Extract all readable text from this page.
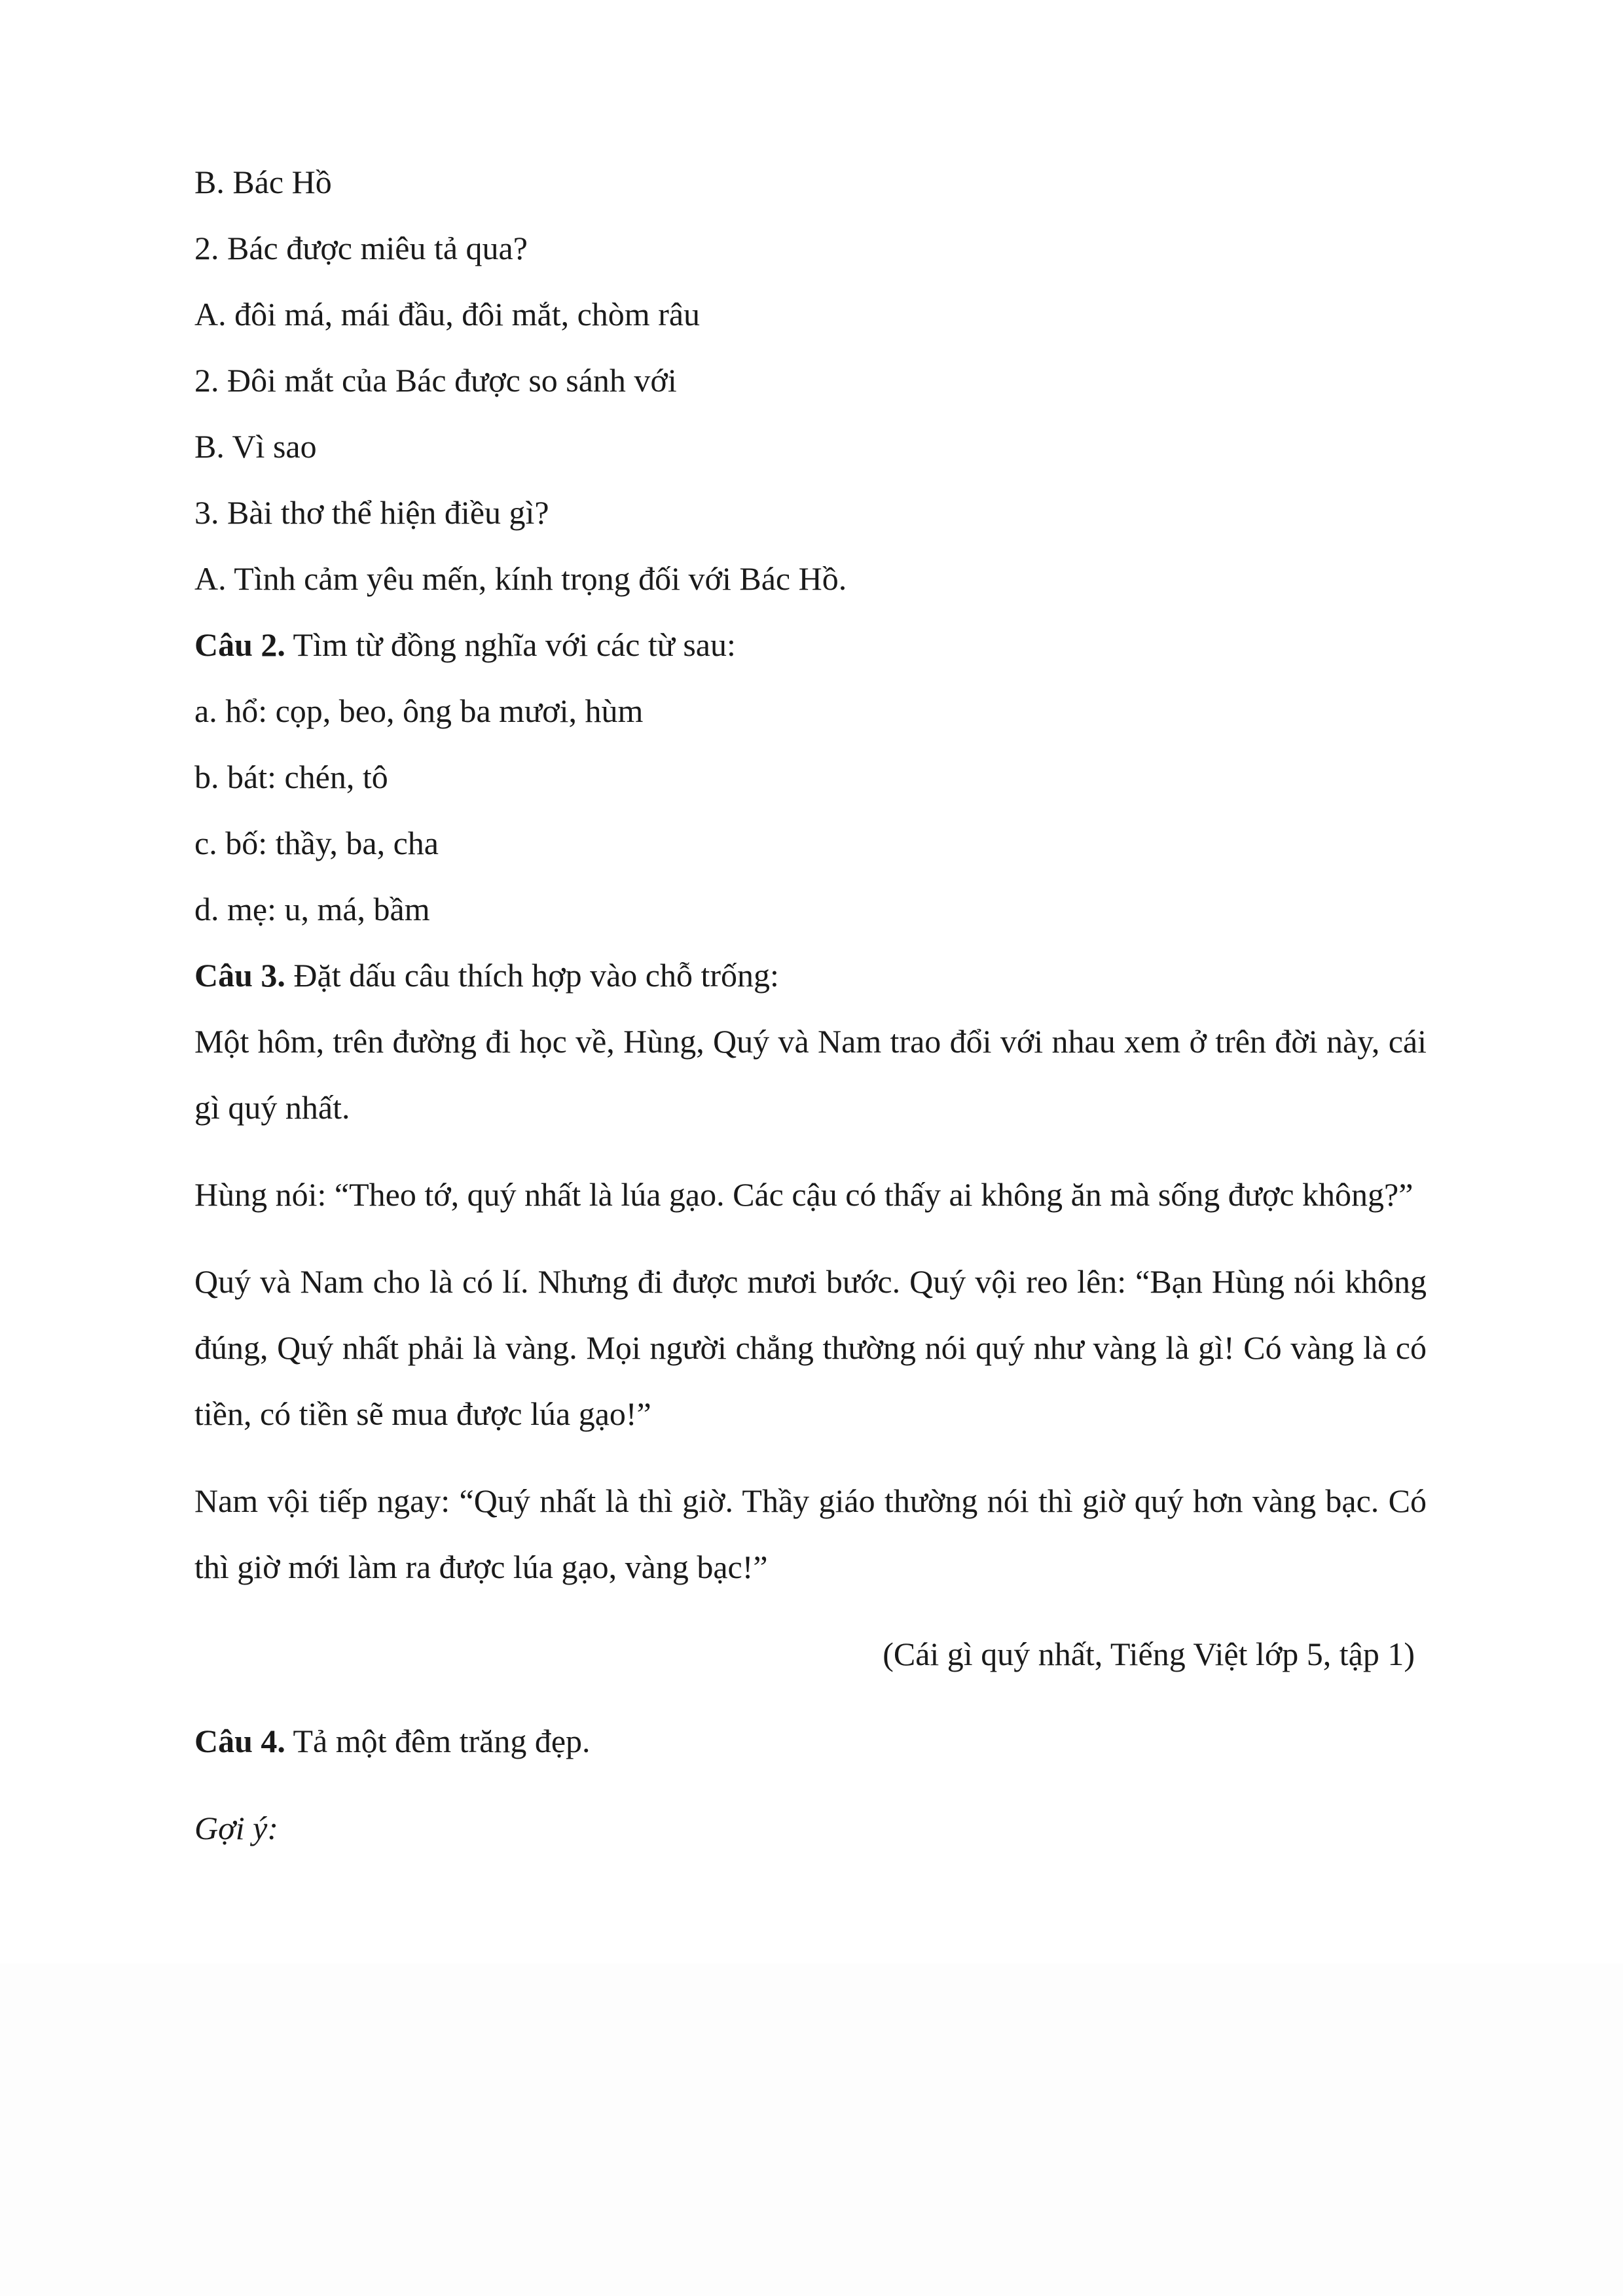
B. Bác Hồ
2. Bác được miêu tả qua?
A. đôi má, mái đầu, đôi mắt, chòm râu
2. Đôi mắt của Bác được so sánh với
B. Vì sao
3. Bài thơ thể hiện điều gì?
A. Tình cảm yêu mến, kính trọng đối với Bác Hồ.
Câu 2. Tìm từ đồng nghĩa với các từ sau:
a. hổ: cọp, beo, ông ba mươi, hùm
b. bát: chén, tô
c. bố: thầy, ba, cha
d. mẹ: u, má, bầm
Câu 3. Đặt dấu câu thích hợp vào chỗ trống:
Một hôm, trên đường đi học về, Hùng, Quý và Nam trao đổi với nhau xem ở trên đời này, cái gì quý nhất.
Hùng nói: “Theo tớ, quý nhất là lúa gạo. Các cậu có thấy ai không ăn mà sống được không?”
Quý và Nam cho là có lí. Nhưng đi được mươi bước. Quý vội reo lên: “Bạn Hùng nói không đúng, Quý nhất phải là vàng. Mọi người chẳng thường nói quý như vàng là gì! Có vàng là có tiền, có tiền sẽ mua được lúa gạo!”
Nam vội tiếp ngay: “Quý nhất là thì giờ. Thầy giáo thường nói thì giờ quý hơn vàng bạc. Có thì giờ mới làm ra được lúa gạo, vàng bạc!”
(Cái gì quý nhất, Tiếng Việt lớp 5, tập 1)
Câu 4. Tả một đêm trăng đẹp.
Gợi ý:
